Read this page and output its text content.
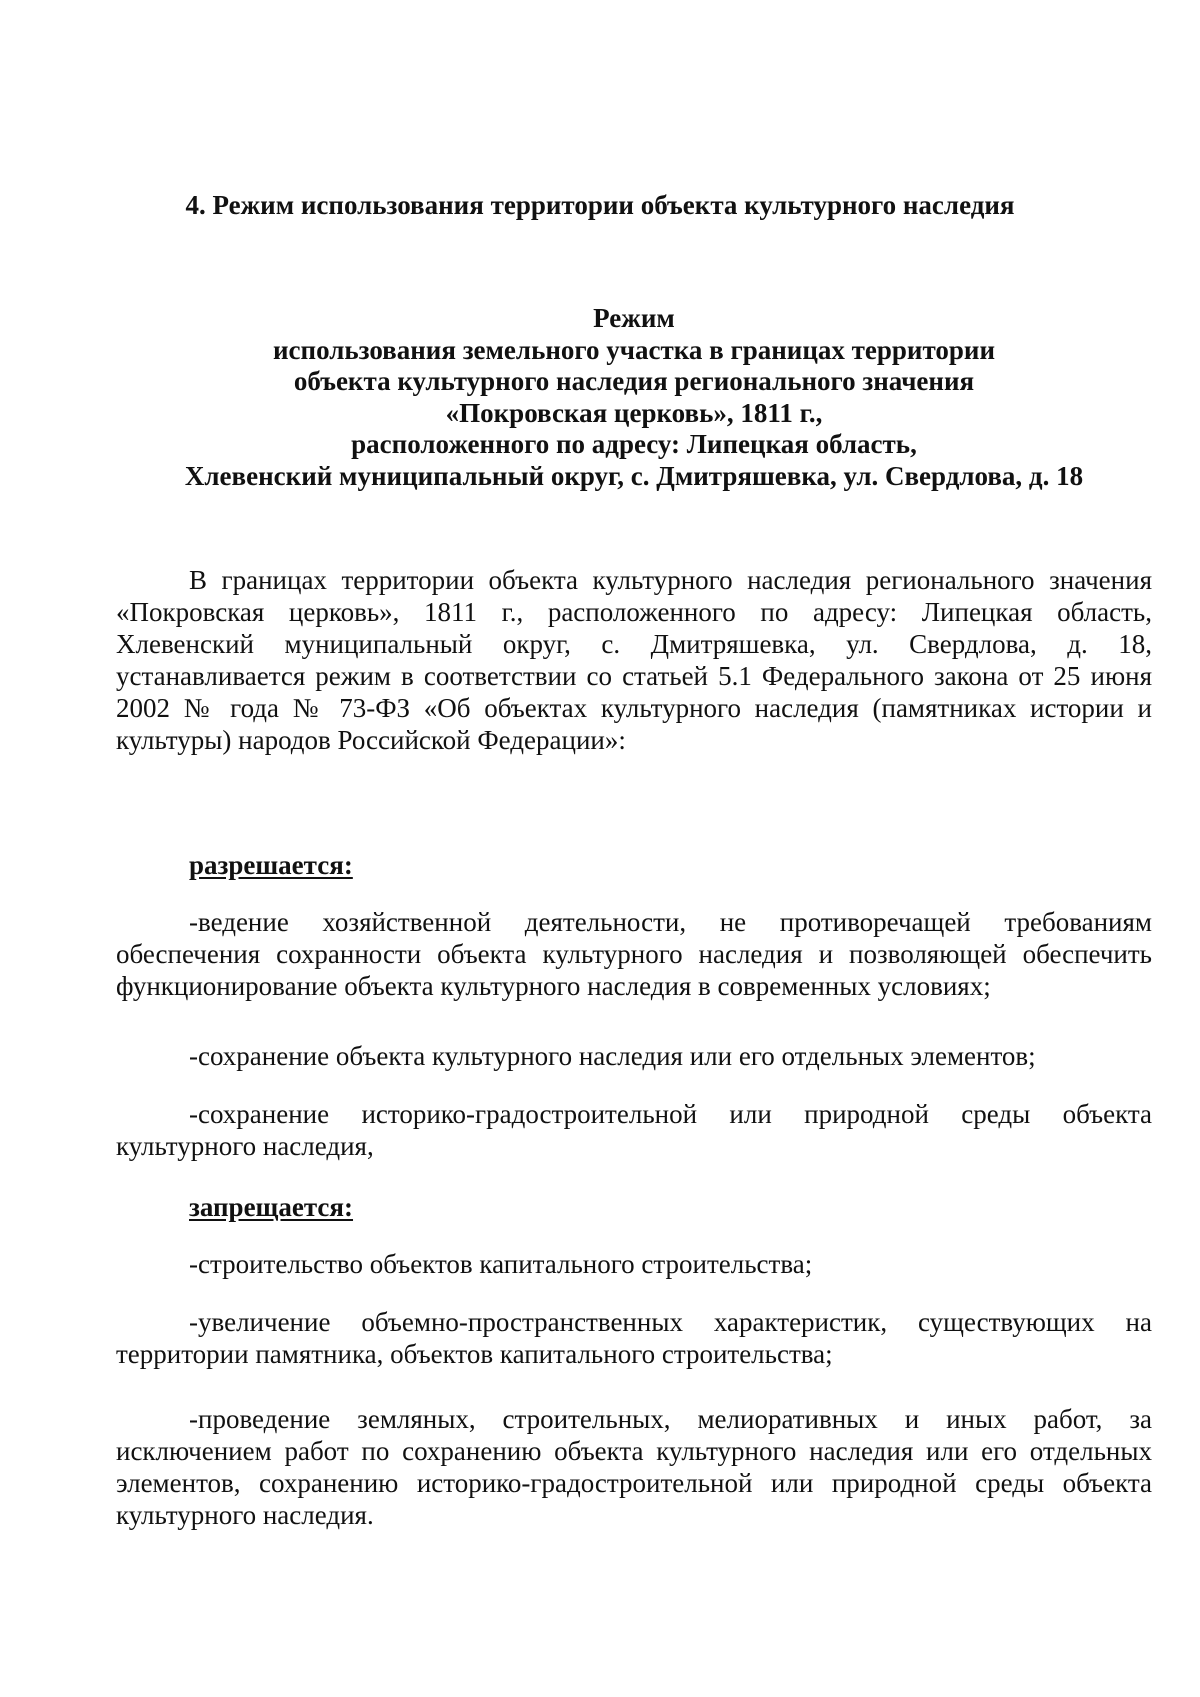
4. Режим использования территории объекта культурного наследия
Режим
использования земельного участка в границах территории
объекта культурного наследия регионального значения
«Покровская церковь», 1811 г.,
расположенного по адресу: Липецкая область,
Хлевенский муниципальный округ, с. Дмитряшевка, ул. Свердлова, д. 18

В границах территории объекта культурного наследия регионального значения «Покровская церковь», 1811 г., расположенного по адресу: Липецкая область, Хлевенский муниципальный округ, с. Дмитряшевка, ул. Свердлова, д. 18, устанавливается режим в соответствии со статьей 5.1 Федерального закона от 25 июня 2002 № года № 73-ФЗ «Об объектах культурного наследия (памятниках истории и культуры) народов Российской Федерации»:

разрешается:

-ведение хозяйственной деятельности, не противоречащей требованиям обеспечения сохранности объекта культурного наследия и позволяющей обеспечить функционирование объекта культурного наследия в современных условиях;

-сохранение объекта культурного наследия или его отдельных элементов;

-сохранение историко-градостроительной или природной среды объекта культурного наследия,

запрещается:

-строительство объектов капитального строительства;

-увеличение объемно-пространственных характеристик, существующих на территории памятника, объектов капитального строительства;

-проведение земляных, строительных, мелиоративных и иных работ, за исключением работ по сохранению объекта культурного наследия или его отдельных элементов, сохранению историко-градостроительной или природной среды объекта культурного наследия.
